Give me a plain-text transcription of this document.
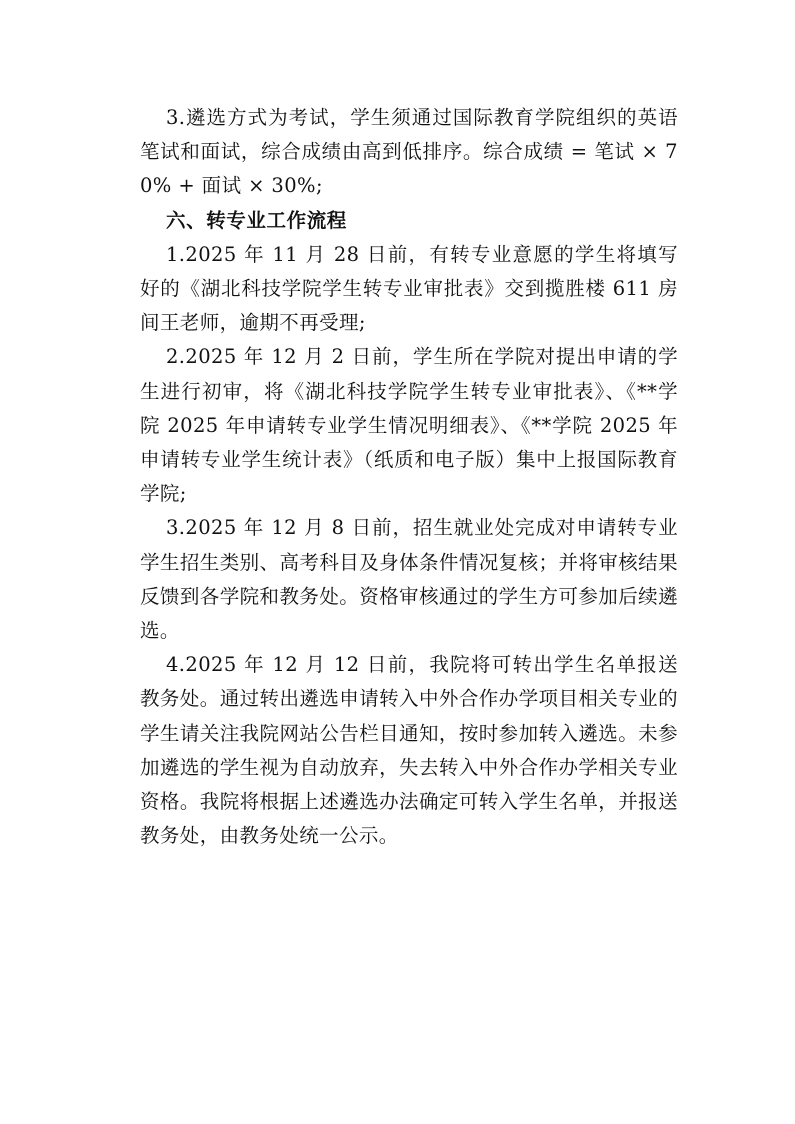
3.遴选方式为考试，学生须通过国际教育学院组织的英语笔试和面试，综合成绩由高到低排序。综合成绩 = 笔试 × 70% + 面试 × 30%;

六、转专业工作流程

1.2025 年 11 月 28 日前，有转专业意愿的学生将填写好的《湖北科技学院学生转专业审批表》交到揽胜楼 611 房间王老师，逾期不再受理;

2.2025 年 12 月 2 日前，学生所在学院对提出申请的学生进行初审，将《湖北科技学院学生转专业审批表》、《**学院 2025 年申请转专业学生情况明细表》、《**学院 2025 年申请转专业学生统计表》（纸质和电子版）集中上报国际教育学院;

3.2025 年 12 月 8 日前，招生就业处完成对申请转专业学生招生类别、高考科目及身体条件情况复核；并将审核结果反馈到各学院和教务处。资格审核通过的学生方可参加后续遴选。

4.2025 年 12 月 12 日前，我院将可转出学生名单报送教务处。通过转出遴选申请转入中外合作办学项目相关专业的学生请关注我院网站公告栏目通知，按时参加转入遴选。未参加遴选的学生视为自动放弃，失去转入中外合作办学相关专业资格。我院将根据上述遴选办法确定可转入学生名单，并报送教务处，由教务处统一公示。
